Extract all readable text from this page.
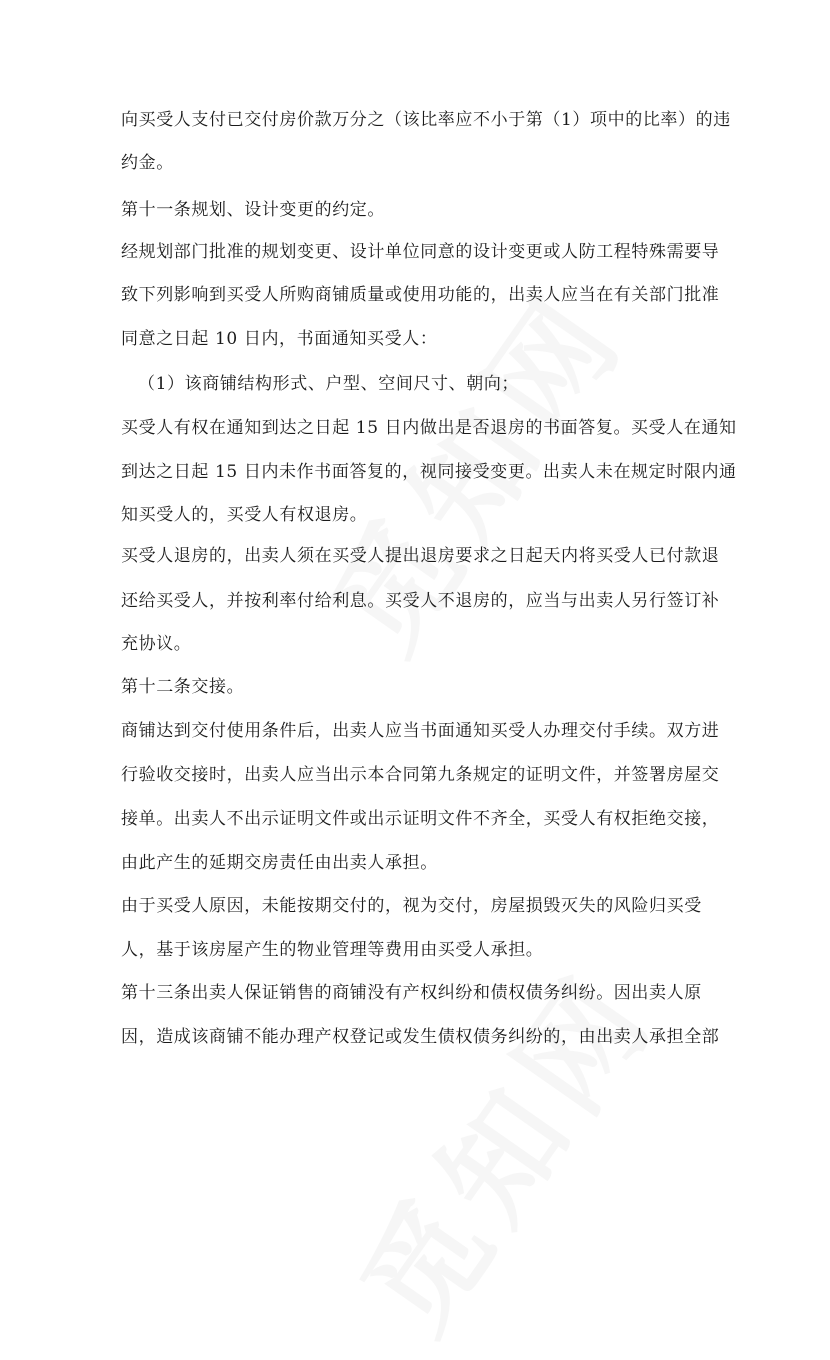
向买受人支付已交付房价款万分之（该比率应不小于第（1）项中的比率）的违
约金。
第十一条规划、设计变更的约定。
经规划部门批准的规划变更、设计单位同意的设计变更或人防工程特殊需要导
致下列影响到买受人所购商铺质量或使用功能的，出卖人应当在有关部门批准
同意之日起 10 日内，书面通知买受人：
（1）该商铺结构形式、户型、空间尺寸、朝向；
买受人有权在通知到达之日起 15 日内做出是否退房的书面答复。买受人在通知
到达之日起 15 日内未作书面答复的，视同接受变更。出卖人未在规定时限内通
知买受人的，买受人有权退房。
买受人退房的，出卖人须在买受人提出退房要求之日起天内将买受人已付款退
还给买受人，并按利率付给利息。买受人不退房的，应当与出卖人另行签订补
充协议。
第十二条交接。
商铺达到交付使用条件后，出卖人应当书面通知买受人办理交付手续。双方进
行验收交接时，出卖人应当出示本合同第九条规定的证明文件，并签署房屋交
接单。出卖人不出示证明文件或出示证明文件不齐全，买受人有权拒绝交接，
由此产生的延期交房责任由出卖人承担。
由于买受人原因，未能按期交付的，视为交付，房屋损毁灭失的风险归买受
人，基于该房屋产生的物业管理等费用由买受人承担。
第十三条出卖人保证销售的商铺没有产权纠纷和债权债务纠纷。因出卖人原
因，造成该商铺不能办理产权登记或发生债权债务纠纷的，由出卖人承担全部
